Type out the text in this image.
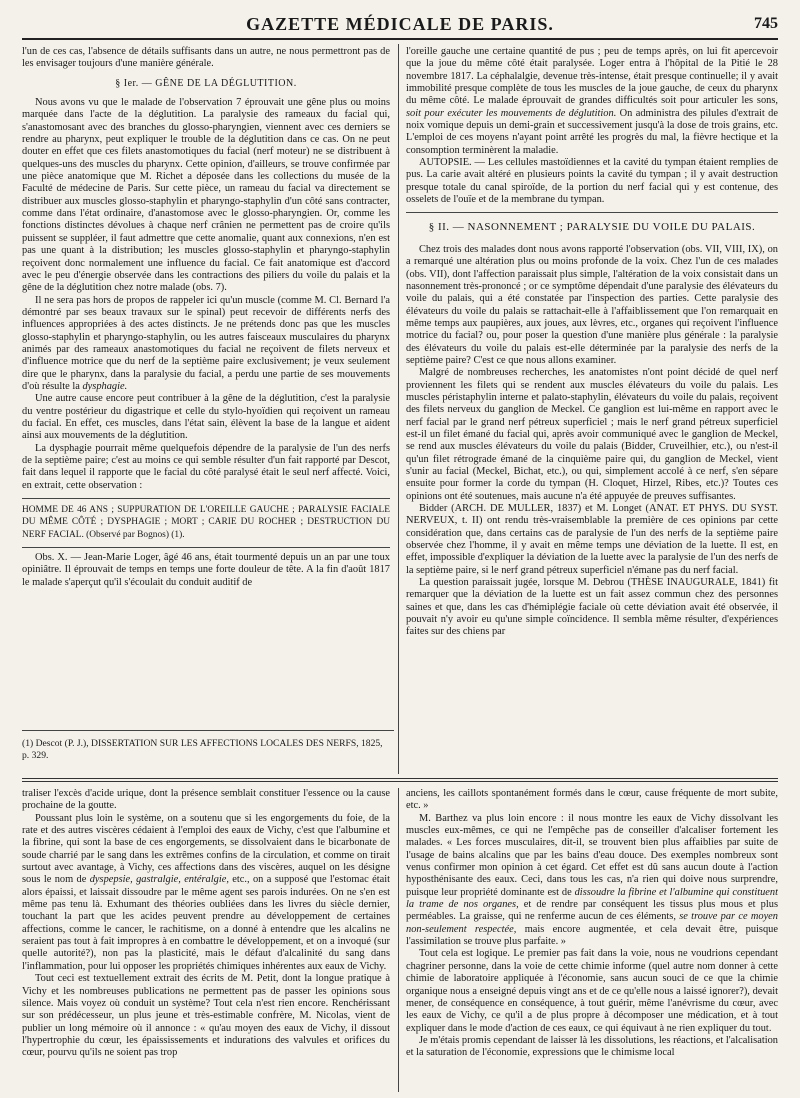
GAZETTE MÉDICALE DE PARIS.	745

l'un de ces cas, l'absence de détails suffisants dans un autre, ne nous permettront pas de les envisager toujours d'une manière générale.

§ Ier. — GÊNE DE LA DÉGLUTITION.

Nous avons vu que le malade de l'observation 7 éprouvait une gêne plus ou moins marquée dans l'acte de la déglutition. La paralysie des rameaux du facial qui, s'anastomosant avec des branches du glosso-pharyngien, viennent avec ces derniers se rendre au pharynx, peut expliquer le trouble de la déglutition dans ce cas. On ne peut douter en effet que ces filets anastomotiques du facial (nerf moteur) ne se distribuent à quelques-uns des muscles du pharynx. Cette opinion, d'ailleurs, se trouve confirmée par une pièce anatomique que M. Richet a déposée dans les collections du musée de la Faculté de médecine de Paris. Sur cette pièce, un rameau du facial va directement se distribuer aux muscles glosso-staphylin et pharyngo-staphylin d'un côté sans contracter, comme dans l'état ordinaire, d'anastomose avec le glosso-pharyngien. Or, comme les fonctions distinctes dévolues à chaque nerf crânien ne permettent pas de croire qu'ils puissent se suppléer, il faut admettre que cette anomalie, quant aux connexions, n'en est pas une quant à la distribution; les muscles glosso-staphylin et pharyngo-staphylin reçoivent donc normalement une influence du facial. Ce fait anatomique est d'accord avec le peu d'énergie observée dans les contractions des piliers du voile du palais et la gêne de la déglutition chez notre malade (obs. 7).

Il ne sera pas hors de propos de rappeler ici qu'un muscle (comme M. Cl. Bernard l'a démontré par ses beaux travaux sur le spinal) peut recevoir de différents nerfs des influences appropriées à des actes distincts. Je ne prétends donc pas que les muscles glosso-staphylin et pharyngo-staphylin, ou les autres faisceaux musculaires du pharynx animés par des rameaux anastomotiques du facial ne reçoivent de filets nerveux et d'influence motrice que du nerf de la septième paire exclusivement; je veux seulement dire que le pharynx, dans la paralysie du facial, a perdu une partie de ses mouvements d'où résulte la dysphagie.

Une autre cause encore peut contribuer à la gêne de la déglutition, c'est la paralysie du ventre postérieur du digastrique et celle du stylo-hyoïdien qui reçoivent un rameau du facial. En effet, ces muscles, dans l'état sain, élèvent la base de la langue et aident ainsi aux mouvements de la déglutition.

La dysphagie pourrait même quelquefois dépendre de la paralysie de l'un des nerfs de la septième paire; c'est au moins ce qui semble résulter d'un fait rapporté par Descot, fait dans lequel il rapporte que le facial du côté paralysé était le seul nerf affecté. Voici, en extrait, cette observation :

HOMME DE 46 ANS ; SUPPURATION DE L'OREILLE GAUCHE ; PARALYSIE FACIALE DU MÊME CÔTÉ ; DYSPHAGIE ; MORT ; CARIE DU ROCHER ; DESTRUCTION DU NERF FACIAL. (Observé par Bognos) (1).

Obs. X. — Jean-Marie Loger, âgé 46 ans, était tourmenté depuis un an par une toux opiniâtre. Il éprouvait de temps en temps une forte douleur de tête. A la fin d'août 1817 le malade s'aperçut qu'il s'écoulait du conduit auditif de

(1) Descot (P. J.), DISSERTATION SUR LES AFFECTIONS LOCALES DES NERFS, 1825, p. 329.

l'oreille gauche une certaine quantité de pus ; peu de temps après, on lui fit apercevoir que la joue du même côté était paralysée. Loger entra à l'hôpital de la Pitié le 28 novembre 1817. La céphalalgie, devenue très-intense, était presque continuelle; il y avait immobilité presque complète de tous les muscles de la joue gauche, de ceux du pharynx du même côté. Le malade éprouvait de grandes difficultés soit pour articuler les sons, soit pour exécuter les mouvements de déglutition. On administra des pilules d'extrait de noix vomique depuis un demi-grain et successivement jusqu'à la dose de trois grains, etc. L'emploi de ces moyens n'ayant point arrêté les progrès du mal, la fièvre hectique et la consomption terminèrent la maladie.

AUTOPSIE. — Les cellules mastoïdiennes et la cavité du tympan étaient remplies de pus. La carie avait altéré en plusieurs points la cavité du tympan ; il y avait destruction presque totale du canal spiroïde, de la portion du nerf facial qui y est contenue, des osselets de l'ouïe et de la membrane du tympan.

§ II. — NASONNEMENT ; PARALYSIE DU VOILE DU PALAIS.

Chez trois des malades dont nous avons rapporté l'observation (obs. VII, VIII, IX), on a remarqué une altération plus ou moins profonde de la voix. Chez l'un de ces malades (obs. VII), dont l'affection paraissait plus simple, l'altération de la voix consistait dans un nasonnement très-prononcé ; or ce symptôme dépendait d'une paralysie des élévateurs du voile du palais, qui a été constatée par l'inspection des parties. Cette paralysie des élévateurs du voile du palais se rattachait-elle à l'affaiblissement que l'on remarquait en même temps aux paupières, aux joues, aux lèvres, etc., organes qui reçoivent l'influence motrice du facial? ou, pour poser la question d'une manière plus générale : la paralysie des élévateurs du voile du palais est-elle déterminée par la paralysie des nerfs de la septième paire? C'est ce que nous allons examiner.

Malgré de nombreuses recherches, les anatomistes n'ont point décidé de quel nerf proviennent les filets qui se rendent aux muscles élévateurs du voile du palais. Les muscles péristaphylin interne et palato-staphylin, élévateurs du voile du palais, reçoivent des filets nerveux du ganglion de Meckel. Ce ganglion est lui-même en rapport avec le nerf facial par le grand nerf pétreux superficiel ; mais le nerf grand pétreux superficiel est-il un filet émané du facial qui, après avoir communiqué avec le ganglion de Meckel, se rend aux muscles élévateurs du voile du palais (Bidder, Cruveilhier, etc.), ou n'est-il qu'un filet rétrograde émané de la cinquième paire qui, du ganglion de Meckel, vient s'unir au facial (Meckel, Bichat, etc.), ou qui, simplement accolé à ce nerf, s'en sépare ensuite pour former la corde du tympan (H. Cloquet, Hirzel, Ribes, etc.)? Toutes ces opinions ont été soutenues, mais aucune n'a été appuyée de preuves suffisantes.

Bidder (ARCH. DE MULLER, 1837) et M. Longet (ANAT. ET PHYS. DU SYST. NERVEUX, t. II) ont rendu très-vraisemblable la première de ces opinions par cette considération que, dans certains cas de paralysie de l'un des nerfs de la septième paire observée chez l'homme, il y avait en même temps une déviation de la luette. Il est, en effet, impossible d'expliquer la déviation de la luette avec la paralysie de l'un des nerfs de la septième paire, si le nerf grand pétreux superficiel n'émane pas du nerf facial.

La question paraissait jugée, lorsque M. Debrou (THÈSE INAUGURALE, 1841) fit remarquer que la déviation de la luette est un fait assez commun chez des personnes saines et que, dans les cas d'hémiplégie faciale où cette déviation avait été observée, il pouvait n'y avoir eu qu'une simple coïncidence. Il sembla même résulter, d'expériences faites sur des chiens par

traliser l'excès d'acide urique, dont la présence semblait constituer l'essence ou la cause prochaine de la goutte.

Poussant plus loin le système, on a soutenu que si les engorgements du foie, de la rate et des autres viscères cédaient à l'emploi des eaux de Vichy, c'est que l'albumine et la fibrine, qui sont la base de ces engorgements, se dissolvaient dans le bicarbonate de soude charrié par le sang dans les extrêmes confins de la circulation, et comme on tirait surtout avec avantage, à Vichy, ces affections dans des viscères, auquel on les désigne sous le nom de dyspepsie, gastralgie, entéralgie, etc., on a supposé que l'estomac était alors épaissi, et laissait dissoudre par le même agent ses parois indurées. On ne s'en est même pas tenu là. Exhumant des théories oubliées dans les livres du siècle dernier, touchant la part que les acides peuvent prendre au développement de certaines affections, comme le cancer, le rachitisme, on a donné à entendre que les alcalins ne seraient pas tout à fait impropres à en combattre le développement, et on a invoqué (sur quelle autorité?), non pas la plasticité, mais le défaut d'alcalinité du sang dans l'inflammation, pour lui opposer les propriétés chimiques inhérentes aux eaux de Vichy.

Tout ceci est textuellement extrait des écrits de M. Petit, dont la longue pratique à Vichy et les nombreuses publications ne permettent pas de passer les opinions sous silence. Mais voyez où conduit un système? Tout cela n'est rien encore. Renchérissant sur son prédécesseur, un plus jeune et très-estimable confrère, M. Nicolas, vient de publier un long mémoire où il annonce : « qu'au moyen des eaux de Vichy, il dissout l'hypertrophie du cœur, les épaississements et indurations des valvules et orifices du cœur, pourvu qu'ils ne soient pas trop

anciens, les caillots spontanément formés dans le cœur, cause fréquente de mort subite, etc. »

M. Barthez va plus loin encore : il nous montre les eaux de Vichy dissolvant les muscles eux-mêmes, ce qui ne l'empêche pas de conseiller d'alcaliser fortement les malades. « Les forces musculaires, dit-il, se trouvent bien plus affaiblies par suite de l'usage de bains alcalins que par les bains d'eau douce. Des exemples nombreux sont venus confirmer mon opinion à cet égard. Cet effet est dû sans aucun doute à l'action hyposthénisante des eaux. Ceci, dans tous les cas, n'a rien qui doive nous surprendre, puisque leur propriété dominante est de dissoudre la fibrine et l'albumine qui constituent la trame de nos organes, et de rendre par conséquent les tissus plus mous et plus perméables. La graisse, qui ne renferme aucun de ces éléments, se trouve par ce moyen non-seulement respectée, mais encore augmentée, et cela devait être, puisque l'assimilation se trouve plus parfaite. »

Tout cela est logique. Le premier pas fait dans la voie, nous ne voudrions cependant chagriner personne, dans la voie de cette chimie informe (quel autre nom donner à cette chimie de laboratoire appliquée à l'économie, sans aucun souci de ce que la chimie organique nous a enseigné depuis vingt ans et de ce qu'elle nous a laissé ignorer?), devait mener, de conséquence en conséquence, à tout guérir, même l'anévrisme du cœur, avec les eaux de Vichy, ce qu'il a de plus propre à décomposer une médication, et à tout expliquer dans le mode d'action de ces eaux, ce qui équivaut à ne rien expliquer du tout.

Je m'étais promis cependant de laisser là les dissolutions, les réactions, et l'alcalisation et la saturation de l'économie, expressions que le chimisme local
